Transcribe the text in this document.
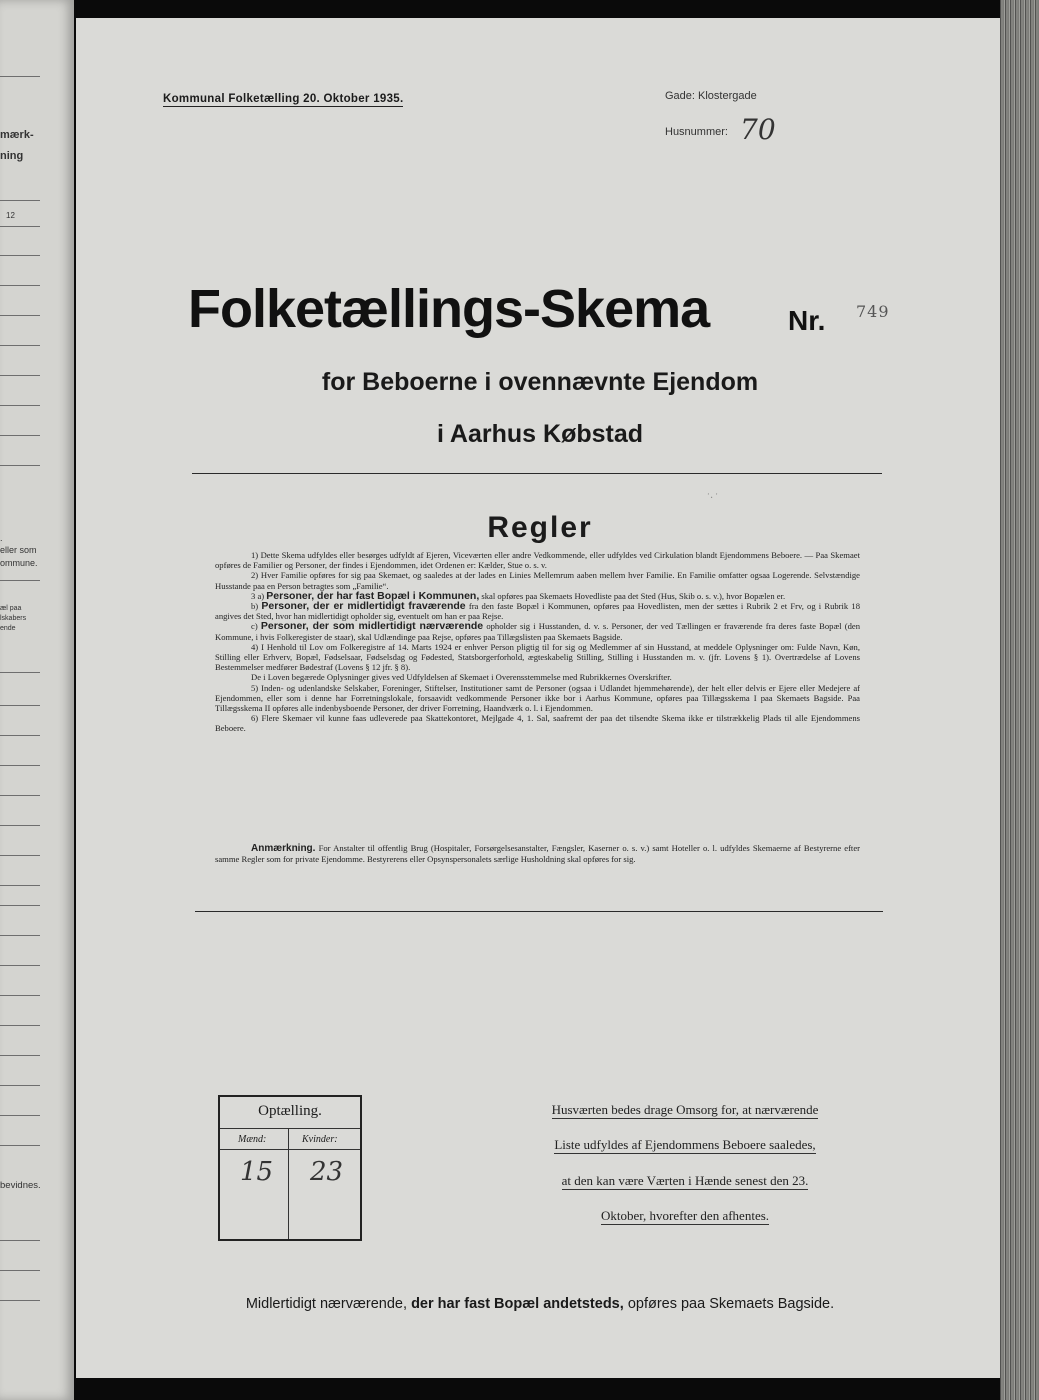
mærk-
ning
12
.
eller som
ommune.
æl paa
lskabers
ende
bevidnes.
Kommunal Folketælling 20. Oktober 1935.	Gade: Klostergade
Husnummer: 70
Folketællings-Skema	Nr. 749
for Beboerne i ovennævnte Ejendom
i Aarhus Købstad
˙·˙
Regler

1) Dette Skema udfyldes eller besørges udfyldt af Ejeren, Viceværten eller andre Vedkommende, eller udfyldes ved Cirkulation blandt Ejendommens Beboere. — Paa Skemaet opføres de Familier og Personer, der findes i Ejendommen, idet Ordenen er: Kælder, Stue o. s. v.

2) Hver Familie opføres for sig paa Skemaet, og saaledes at der lades en Linies Mellemrum aaben mellem hver Familie. En Familie omfatter ogsaa Logerende. Selvstændige Husstande paa en Person betragtes som „Familie“.

3 a) Personer, der har fast Bopæl i Kommunen, skal opføres paa Skemaets Hovedliste paa det Sted (Hus, Skib o. s. v.), hvor Bopælen er.

b) Personer, der er midlertidigt fraværende fra den faste Bopæl i Kommunen, opføres paa Hovedlisten, men der sættes i Rubrik 2 et Frv, og i Rubrik 18 angives det Sted, hvor han midlertidigt opholder sig, eventuelt om han er paa Rejse.

c) Personer, der som midlertidigt nærværende opholder sig i Husstanden, d. v. s. Personer, der ved Tællingen er fraværende fra deres faste Bopæl (den Kommune, i hvis Folkeregister de staar), skal Udlændinge paa Rejse, opføres paa Tillægslisten paa Skemaets Bagside.

4) I Henhold til Lov om Folkeregistre af 14. Marts 1924 er enhver Person pligtig til for sig og Medlemmer af sin Husstand, at meddele Oplysninger om: Fulde Navn, Køn, Stilling eller Erhverv, Bopæl, Fødselsaar, Fødselsdag og Fødested, Statsborgerforhold, ægteskabelig Stilling, Stilling i Husstanden m. v. (jfr. Lovens § 1). Overtrædelse af Lovens Bestemmelser medfører Bødestraf (Lovens § 12 jfr. § 8).

De i Loven begærede Oplysninger gives ved Udfyldelsen af Skemaet i Overensstemmelse med Rubrikkernes Overskrifter.

5) Inden- og udenlandske Selskaber, Foreninger, Stiftelser, Institutioner samt de Personer (ogsaa i Udlandet hjemmehørende), der helt eller delvis er Ejere eller Medejere af Ejendommen, eller som i denne har Forretningslokale, forsaavidt vedkommende Personer ikke bor i Aarhus Kommune, opføres paa Tillægsskema I paa Skemaets Bagside. Paa Tillægsskema II opføres alle indenbysboende Personer, der driver Forretning, Haandværk o. l. i Ejendommen.

6) Flere Skemaer vil kunne faas udleverede paa Skattekontoret, Mejlgade 4, 1. Sal, saafremt der paa det tilsendte Skema ikke er tilstrækkelig Plads til alle Ejendommens Beboere.

Anmærkning. For Anstalter til offentlig Brug (Hospitaler, Forsørgelsesanstalter, Fængsler, Kaserner o. s. v.) samt Hoteller o. l. udfyldes Skemaerne af Bestyrerne efter samme Regler som for private Ejendomme. Bestyrerens eller Opsynspersonalets særlige Husholdning skal opføres for sig.
Optælling.
Mænd:	Kvinder:
15 23
Husværten bedes drage Omsorg for, at nærværende
Liste udfyldes af Ejendommens Beboere saaledes,
at den kan være Værten i Hænde senest den 23.
Oktober, hvorefter den afhentes.
Midlertidigt nærværende, der har fast Bopæl andetsteds, opføres paa Skemaets Bagside.
